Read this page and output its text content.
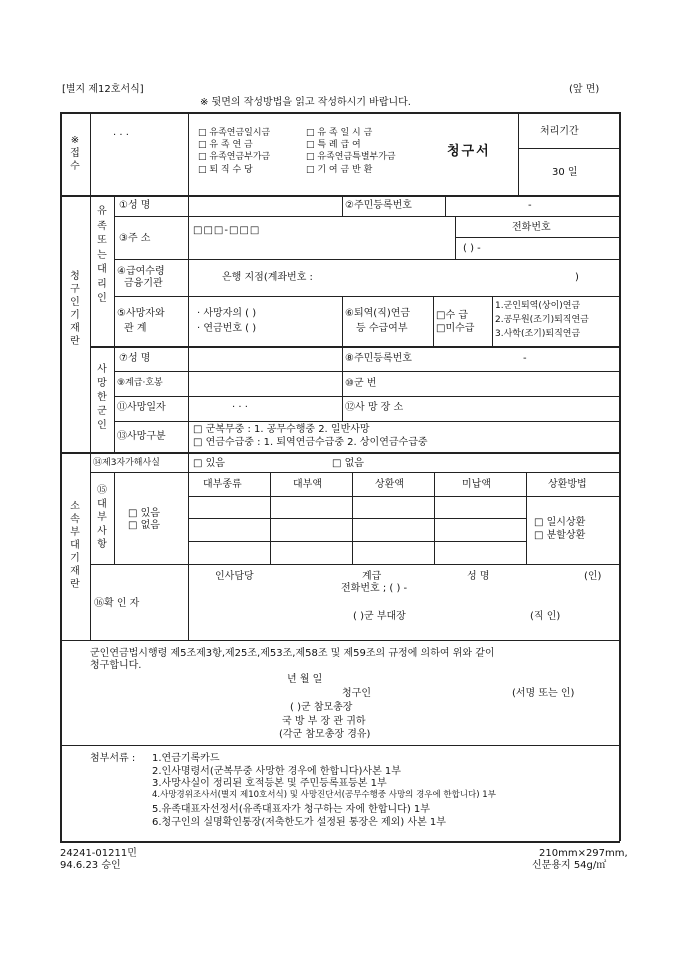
[별지 제12호서식]	(앞 면)
※ 뒷면의 작성방법을 읽고 작성하시기 바랍니다.
※접수
· · ·	□ 유족연금일시금
□ 유 족 연 금
□ 유족연금부가금
□ 퇴 직 수 당
□ 유 족 일 시 금
□ 특 례 급 여
□ 유족연금특별부가금
□ 기 여 금 반 환
청구서
처리기간
30 일
청구인기재란
유족또는대리인
①성 명	②주민등록번호	-
③주 소
□□□-□□□	전화번호
( ) -
④급여수령
금융기관
은행 지점(계좌번호 :	)
⑤사망자와
관 계
· 사망자의 ( )
· 연금번호 ( )
⑥퇴역(직)연금
등 수급여부
□수 급
□미수급
1.군인퇴역(상이)연금
2.공무원(조기)퇴직연금
3.사학(조기)퇴직연금
사망한군인
⑦성 명	⑧주민등록번호	-
⑨계급·호봉	⑩군 번
⑪사망일자	· · ·	⑫사 망 장 소
⑬사망구분
□ 군복무중 : 1. 공무수행중 2. 일반사망
□ 연금수급중 : 1. 퇴역연금수급중 2. 상이연금수급중
소속부대기재란
⑭제3자가해사실	□ 있음	□ 없음
⑮대부사항
□ 있음
□ 없음
대부종류	대부액	상환액	미납액	상환방법
□ 일시상환
□ 분할상환
⑯확 인 자
인사담당	계급	성 명	(인)
전화번호 ; ( ) -
( )군 부대장	(직 인)
군인연금법시행령 제5조제3항,제25조,제53조,제58조 및 제59조의 규정에 의하여 위와 같이
청구합니다.
년 월 일
청구인	(서명 또는 인)
( )군 참모총장
국 방 부 장 관 귀하
(각군 참모총장 경유)
첨부서류 : 1.연금기록카드
2.인사명령서(군복무중 사망한 경우에 한합니다)사본 1부
3.사망사실이 정리된 호적등본 및 주민등록표등본 1부
4.사망경위조사서(별지 제10호서식) 및 사망진단서(공무수행중 사망의 경우에 한합니다) 1부
5.유족대표자선정서(유족대표자가 청구하는 자에 한합니다) 1부
6.청구인의 실명확인통장(저축한도가 설정된 통장은 제외) 사본 1부
24241-01211민
94.6.23 승인
210mm×297mm,
신문용지 54g/㎡
